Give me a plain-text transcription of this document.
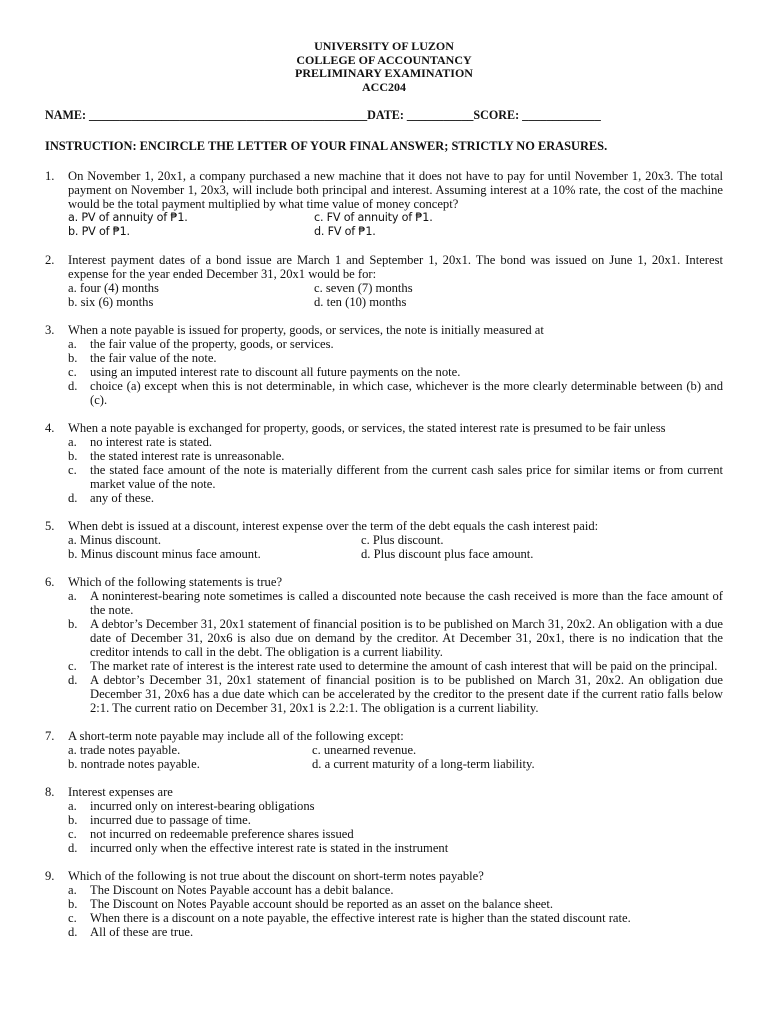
UNIVERSITY OF LUZON
COLLEGE OF ACCOUNTANCY
PRELIMINARY EXAMINATION
ACC204
NAME: ______________________________________________DATE: ___________SCORE: _____________
INSTRUCTION: ENCIRCLE THE LETTER OF YOUR FINAL ANSWER; STRICTLY NO ERASURES.
1. On November 1, 20x1, a company purchased a new machine that it does not have to pay for until November 1, 20x3. The total payment on November 1, 20x3, will include both principal and interest. Assuming interest at a 10% rate, the cost of the machine would be the total payment multiplied by what time value of money concept?
a. PV of annuity of ₱1.	c. FV of annuity of ₱1.
b. PV of ₱1.	d. FV of ₱1.
2. Interest payment dates of a bond issue are March 1 and September 1, 20x1. The bond was issued on June 1, 20x1. Interest expense for the year ended December 31, 20x1 would be for:
a. four (4) months	c. seven (7) months
b. six (6) months	d. ten (10) months
3. When a note payable is issued for property, goods, or services, the note is initially measured at
a. the fair value of the property, goods, or services.
b. the fair value of the note.
c. using an imputed interest rate to discount all future payments on the note.
d. choice (a) except when this is not determinable, in which case, whichever is the more clearly determinable between (b) and (c).
4. When a note payable is exchanged for property, goods, or services, the stated interest rate is presumed to be fair unless
a. no interest rate is stated.
b. the stated interest rate is unreasonable.
c. the stated face amount of the note is materially different from the current cash sales price for similar items or from current market value of the note.
d. any of these.
5. When debt is issued at a discount, interest expense over the term of the debt equals the cash interest paid:
a. Minus discount.	c. Plus discount.
b. Minus discount minus face amount.	d. Plus discount plus face amount.
6. Which of the following statements is true?
a. A noninterest-bearing note sometimes is called a discounted note because the cash received is more than the face amount of the note.
b. A debtor’s December 31, 20x1 statement of financial position is to be published on March 31, 20x2. An obligation with a due date of December 31, 20x6 is also due on demand by the creditor. At December 31, 20x1, there is no indication that the creditor intends to call in the debt. The obligation is a current liability.
c. The market rate of interest is the interest rate used to determine the amount of cash interest that will be paid on the principal.
d. A debtor’s December 31, 20x1 statement of financial position is to be published on March 31, 20x2. An obligation due December 31, 20x6 has a due date which can be accelerated by the creditor to the present date if the current ratio falls below 2:1. The current ratio on December 31, 20x1 is 2.2:1. The obligation is a current liability.
7. A short-term note payable may include all of the following except:
a. trade notes payable.	c. unearned revenue.
b. nontrade notes payable.	d. a current maturity of a long-term liability.
8. Interest expenses are
a. incurred only on interest-bearing obligations
b. incurred due to passage of time.
c. not incurred on redeemable preference shares issued
d. incurred only when the effective interest rate is stated in the instrument
9. Which of the following is not true about the discount on short-term notes payable?
a. The Discount on Notes Payable account has a debit balance.
b. The Discount on Notes Payable account should be reported as an asset on the balance sheet.
c. When there is a discount on a note payable, the effective interest rate is higher than the stated discount rate.
d. All of these are true.
